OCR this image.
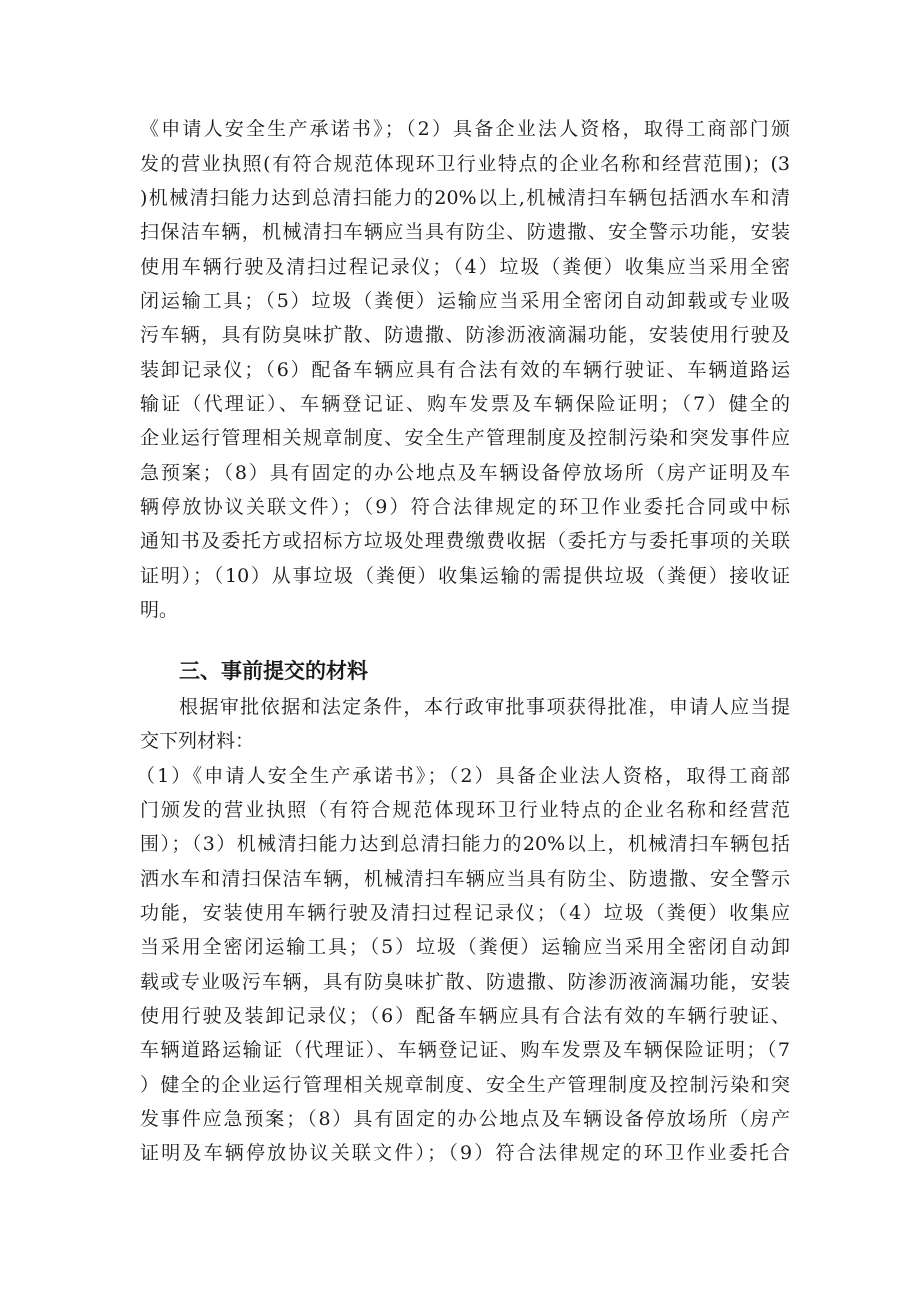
《申请人安全生产承诺书》；（2）具备企业法人资格，取得工商部门颁
发的营业执照(有符合规范体现环卫行业特点的企业名称和经营范围)；(3
)机械清扫能力达到总清扫能力的20%以上,机械清扫车辆包括洒水车和清
扫保洁车辆，机械清扫车辆应当具有防尘、防遗撒、安全警示功能，安装
使用车辆行驶及清扫过程记录仪；（4）垃圾（粪便）收集应当采用全密
闭运输工具；（5）垃圾（粪便）运输应当采用全密闭自动卸载或专业吸
污车辆，具有防臭味扩散、防遗撒、防渗沥液滴漏功能，安装使用行驶及
装卸记录仪；（6）配备车辆应具有合法有效的车辆行驶证、车辆道路运
输证（代理证）、车辆登记证、购车发票及车辆保险证明；（7）健全的
企业运行管理相关规章制度、安全生产管理制度及控制污染和突发事件应
急预案；（8）具有固定的办公地点及车辆设备停放场所（房产证明及车
辆停放协议关联文件）；（9）符合法律规定的环卫作业委托合同或中标
通知书及委托方或招标方垃圾处理费缴费收据（委托方与委托事项的关联
证明）；（10）从事垃圾（粪便）收集运输的需提供垃圾（粪便）接收证
明。
三、事前提交的材料
根据审批依据和法定条件，本行政审批事项获得批准，申请人应当提
交下列材料：
（1）《申请人安全生产承诺书》；（2）具备企业法人资格，取得工商部
门颁发的营业执照（有符合规范体现环卫行业特点的企业名称和经营范
围）；（3）机械清扫能力达到总清扫能力的20%以上，机械清扫车辆包括
洒水车和清扫保洁车辆，机械清扫车辆应当具有防尘、防遗撒、安全警示
功能，安装使用车辆行驶及清扫过程记录仪；（4）垃圾（粪便）收集应
当采用全密闭运输工具；（5）垃圾（粪便）运输应当采用全密闭自动卸
载或专业吸污车辆，具有防臭味扩散、防遗撒、防渗沥液滴漏功能，安装
使用行驶及装卸记录仪；（6）配备车辆应具有合法有效的车辆行驶证、
车辆道路运输证（代理证）、车辆登记证、购车发票及车辆保险证明；（7
）健全的企业运行管理相关规章制度、安全生产管理制度及控制污染和突
发事件应急预案；（8）具有固定的办公地点及车辆设备停放场所（房产
证明及车辆停放协议关联文件）；（9）符合法律规定的环卫作业委托合
